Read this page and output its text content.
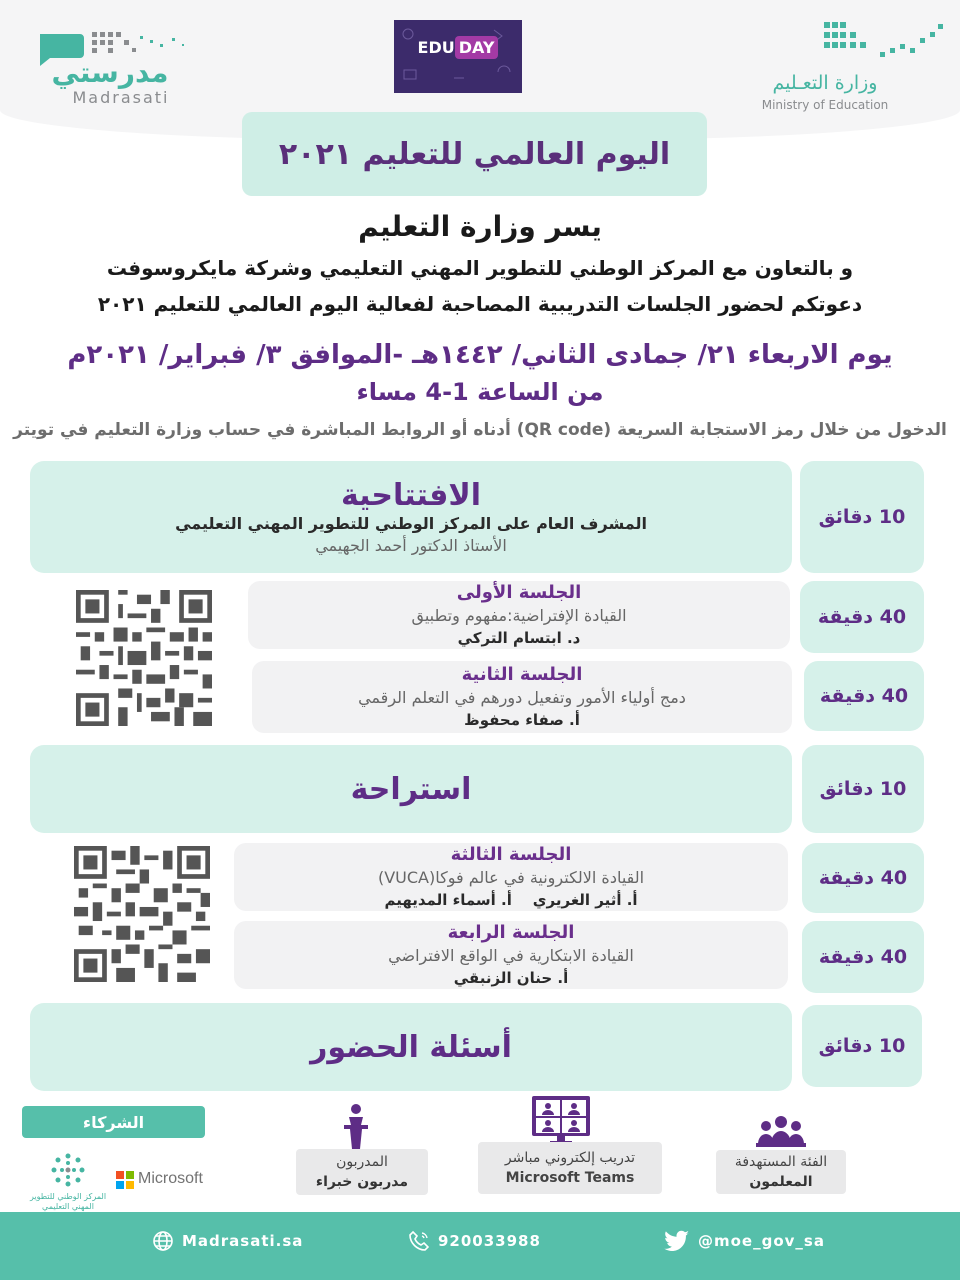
مدرستي
Madrasati
EDU DAY
وزارة التعـليم
Ministry of Education
اليوم العالمي للتعليم ٢٠٢١
يسر وزارة التعليم
و بالتعاون مع المركز الوطني للتطوير المهني التعليمي وشركة مايكروسوفت
دعوتكم لحضور الجلسات التدريبية المصاحبة لفعالية اليوم العالمي للتعليم ٢٠٢١
يوم الاربعاء ٢١/ جمادى الثاني/ ١٤٤٢هـ -الموافق ٣/ فبراير/ ٢٠٢١م
من الساعة 1-4 مساء
الدخول من خلال رمز الاستجابة السريعة (QR code) أدناه أو الروابط المباشرة في حساب وزارة التعليم في تويتر
الافتتاحية
المشرف العام على المركز الوطني للتطوير المهني التعليمي
الأستاذ الدكتور أحمد الجهيمي
10 دقائق
الجلسة الأولى
القيادة الإفتراضية:مفهوم وتطبيق
د. ابتسام التركي
40 دقيقة
الجلسة الثانية
دمج أولياء الأمور وتفعيل دورهم في التعلم الرقمي
أ. صفاء محفوظ
40 دقيقة
استراحة	10 دقائق
الجلسة الثالثة
القيادة الالكترونية في عالم فوكا(VUCA)
أ. أثير الغريري    أ. أسماء المديهيم
40 دقيقة
الجلسة الرابعة
القيادة الابتكارية في الواقع الافتراضي
أ. حنان الزنبقي
40 دقيقة
أسئلة الحضور	10 دقائق
الشركاء
المركز الوطني للتطوير المهني التعليمي
Microsoft
المدربون
مدربون خبراء
تدريب إلكتروني مباشر
Microsoft Teams
الفئة المستهدفة
المعلمون
Madrasati.sa	920033988	@moe_gov_sa
